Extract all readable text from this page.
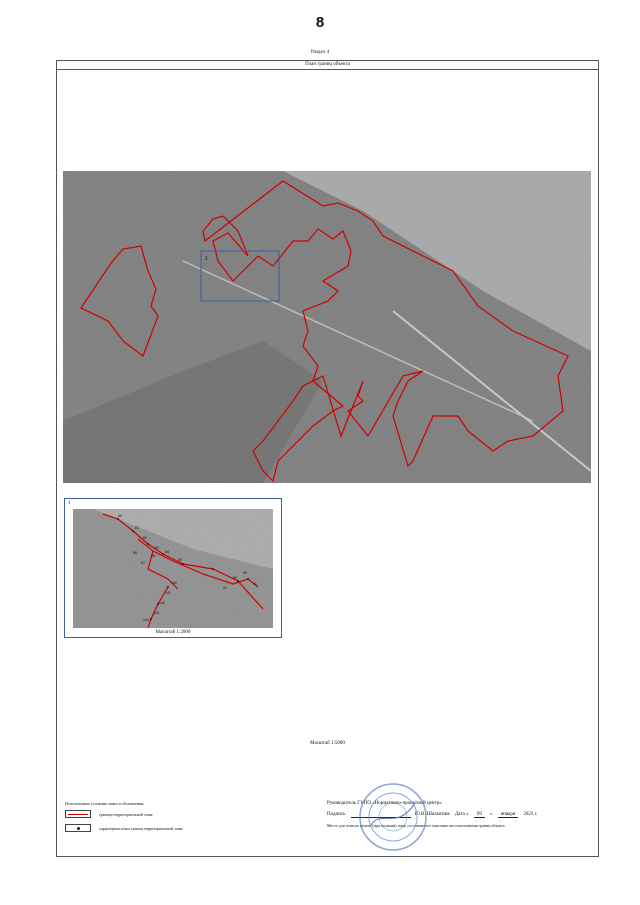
8
Раздел 4
План границ объекта
1
1
80
81
82
83
84
85
86
87
88
89
90
91
92
140
141
142
143
144
Масштаб 1:2000
Масштаб 1:5000
Используемые условные знаки и обозначения:
граница территориальной зоны
характерная точка границ территориальной зоны
Руководитель ГУПО «Нормативно-проектный центр»
Подпись	Ю.В. Шалыгина Дата « 09 » января 2023 г.
Место для оттиска печати (при наличии) лица, составившего описание местоположения границ объекта
